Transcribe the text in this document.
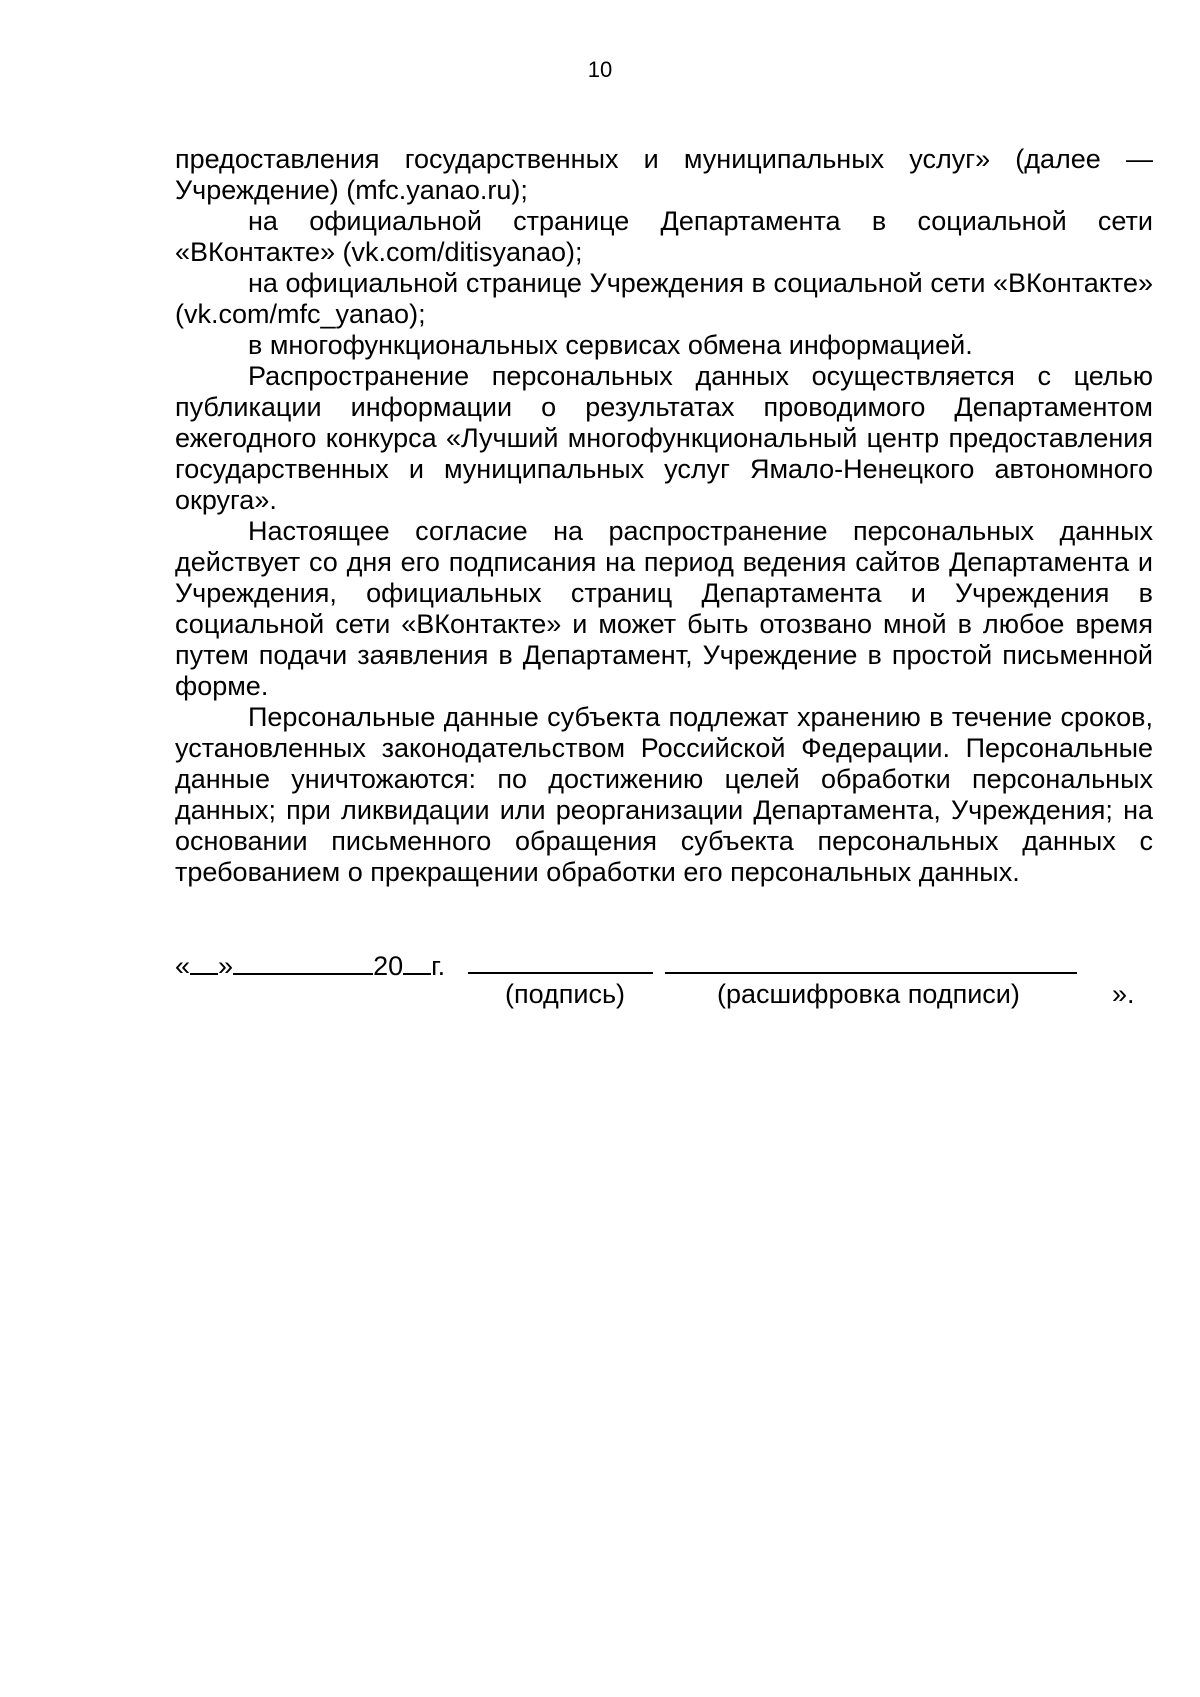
10

предоставления государственных и муниципальных услуг» (далее — Учреждение) (mfc.yanao.ru);

на официальной странице Департамента в социальной сети «ВКонтакте» (vk.com/ditisyanao);

на официальной странице Учреждения в социальной сети «ВКонтакте» (vk.com/mfc_yanao);

в многофункциональных сервисах обмена информацией.

Распространение персональных данных осуществляется с целью публикации информации о результатах проводимого Департаментом ежегодного конкурса «Лучший многофункциональный центр предоставления государственных и муниципальных услуг Ямало-Ненецкого автономного округа».

Настоящее согласие на распространение персональных данных действует со дня его подписания на период ведения сайтов Департамента и Учреждения, официальных страниц Департамента и Учреждения в социальной сети «ВКонтакте» и может быть отозвано мной в любое время путем подачи заявления в Департамент, Учреждение в простой письменной форме.

Персональные данные субъекта подлежат хранению в течение сроков, установленных законодательством Российской Федерации. Персональные данные уничтожаются: по достижению целей обработки персональных данных; при ликвидации или реорганизации Департамента, Учреждения; на основании письменного обращения субъекта персональных данных с требованием о прекращении обработки его персональных данных.

« »	20 г.
(подпись)	(расшифровка подписи)	».
